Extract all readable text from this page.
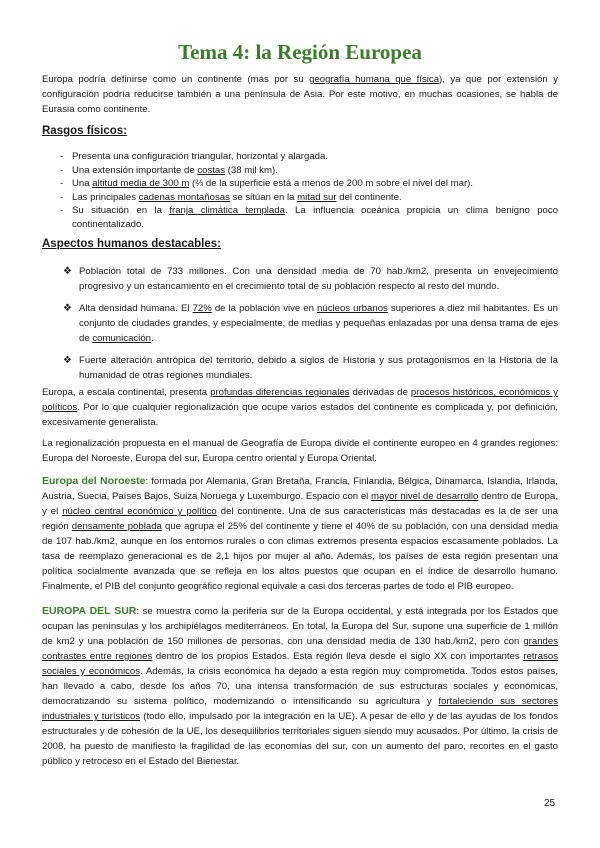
Tema 4: la Región Europea

Europa podría definirse como un continente (más por su geografía humana que física), ya que por extensión y configuración podría reducirse también a una península de Asia. Por este motivo, en muchas ocasiones, se habla de Eurasia como continente.

Rasgos físicos:
- Presenta una configuración triangular, horizontal y alargada.
- Una extensión importante de costas (38 mil km).
- Una altitud media de 300 m (⅔ de la superficie está a menos de 200 m sobre el nivel del mar).
- Las principales cadenas montañosas se sitúan en la mitad sur del continente.
- Su situación en la franja climática templada. La influencia oceánica propicia un clima benigno poco continentalizado.
Aspectos humanos destacables:
❖ Población total de 733 millones. Con una densidad media de 70 hab./km2, presenta un envejecimiento progresivo y un estancamiento en el crecimiento total de su población respecto al resto del mundo.
❖ Alta densidad humana. El 72% de la población vive en núcleos urbanos superiores a diez mil habitantes. Es un conjunto de ciudades grandes, y especialmente, de medias y pequeñas enlazadas por una densa trama de ejes de comunicación.
❖ Fuerte alteración antrópica del territorio, debido a siglos de Historia y sus protagonismos en la Historia de la humanidad de otras regiones mundiales.

Europa, a escala continental, presenta profundas diferencias regionales derivadas de procesos históricos, económicos y políticos. Por lo que cualquier regionalización que ocupe varios estados del continente es complicada y, por definición, excesivamente generalista.

La regionalización propuesta en el manual de Geografía de Europa divide el continente europeo en 4 grandes regiones: Europa del Noroeste, Europa del sur, Europa centro oriental y Europa Oriental.

Europa del Noroeste: formada por Alemania, Gran Bretaña, Francia, Finlandia, Bélgica, Dinamarca, Islandia, Irlanda, Austria, Suecia, Países Bajos, Suiza Noruega y Luxemburgo. Espacio con el mayor nivel de desarrollo dentro de Europa, y el núcleo central económico y político del continente. Una de sus características más destacadas es la de ser una región densamente poblada que agrupa el 25% del continente y tiene el 40% de su población, con una densidad media de 107 hab./km2, aunque en los entornos rurales o con climas extremos presenta espacios escasamente poblados. La tasa de reemplazo generacional es de 2,1 hijos por mujer al año. Además, los países de esta región presentan una política socialmente avanzada que se refleja en los altos puestos que ocupan en el índice de desarrollo humano. Finalmente, el PIB del conjunto geográfico regional equivale a casi dos terceras partes de todo el PIB europeo.

EUROPA DEL SUR: se muestra como la periferia sur de la Europa occidental, y está integrada por los Estados que ocupan las penínsulas y los archipiélagos mediterráneos. En total, la Europa del Sur, supone una superficie de 1 millón de km2 y una población de 150 millones de personas, con una densidad media de 130 hab./km2, pero con grandes contrastes entre regiones dentro de los propios Estados. Esta región lleva desde el siglo XX con importantes retrasos sociales y económicos. Además, la crisis económica ha dejado a esta región muy comprometida. Todos estos países, han llevado a cabo, desde los años 70, una intensa transformación de sus estructuras sociales y económicas, democratizando su sistema político, modernizando o intensificando su agricultura y fortaleciendo sus sectores industriales y turísticos (todo ello, impulsado por la integración en la UE). A pesar de ello y de las ayudas de los fondos estructurales y de cohesión de la UE, los desequilibrios territoriales siguen siendo muy acusados. Por último, la crisis de 2008, ha puesto de manifiesto la fragilidad de las economías del sur, con un aumento del paro, recortes en el gasto público y retroceso en el Estado del Bienestar.

25
